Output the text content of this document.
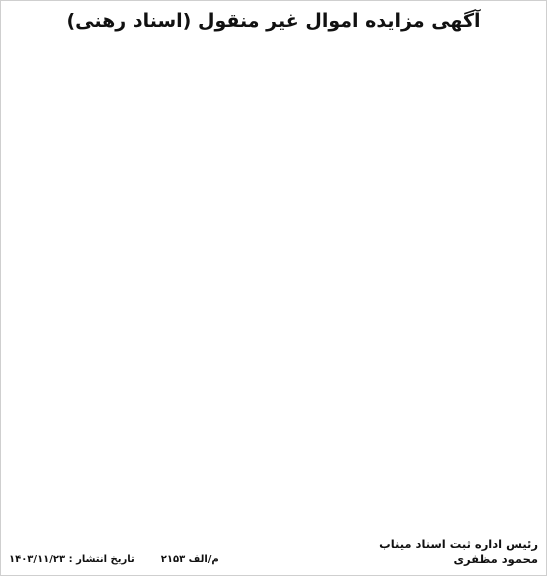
آگهی مزایده اموال غیر منقول (اسناد رهنی)

رئیس اداره ثبت اسناد میناب
محمود مظفری
م/الف ۲۱۵۳
تاریخ انتشار : ۱۴۰۳/۱۱/۲۳
